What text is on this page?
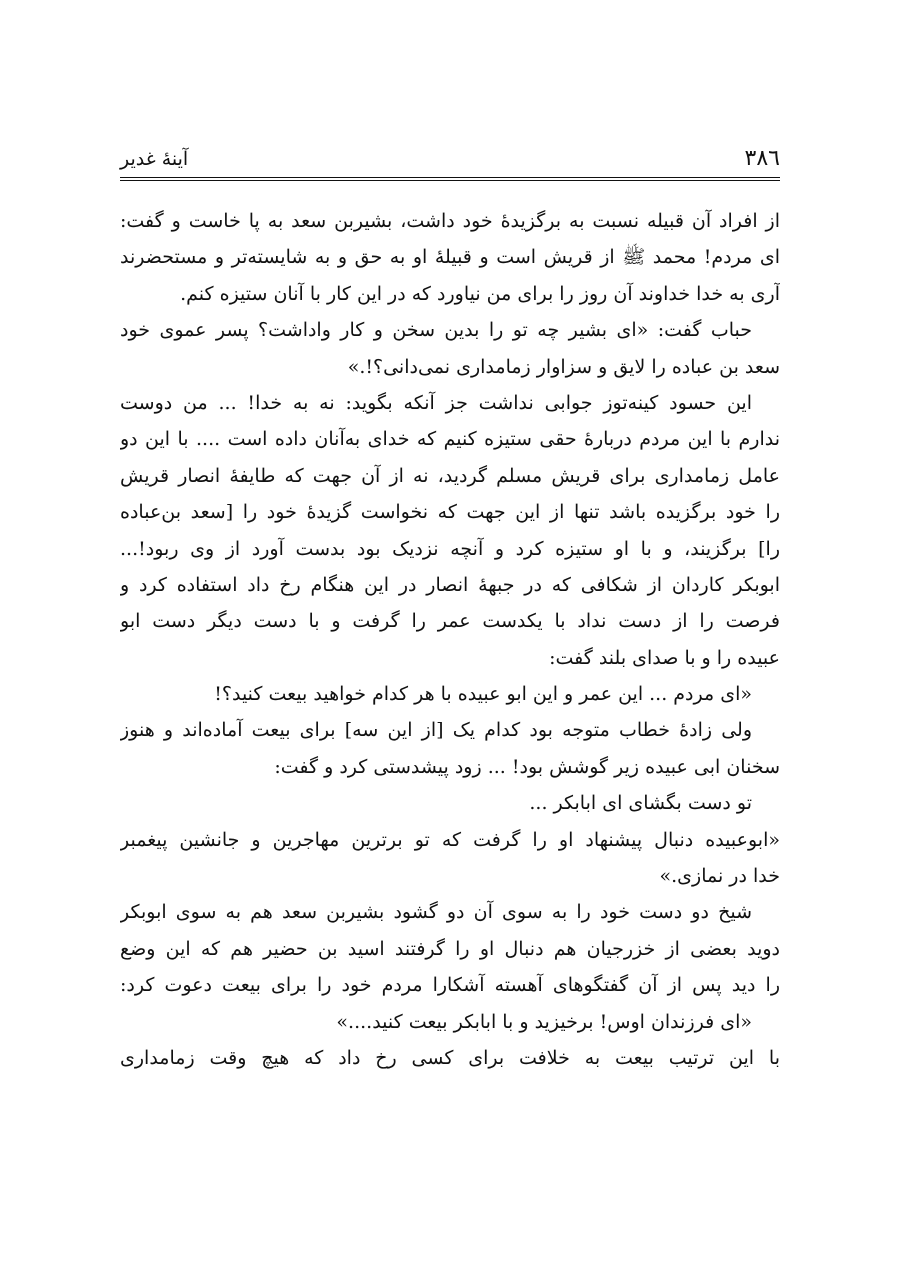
٣٨٦
آینۀ غدیر
از افراد آن قبیله نسبت به برگزیدۀ خود داشت، بشیربن سعد به پا خاست و گفت:
ای مردم! محمد ﷺ از قریش است و قبیلۀ او به حق و به شایسته‌تر و مستحضرند
آری به خدا خداوند آن روز را برای من نیاورد که در این کار با آنان ستیزه کنم.
حباب گفت: «ای بشیر چه تو را بدین سخن و کار واداشت؟ پسر عموی خود
سعد بن عباده را لایق و سزاوار زمامداری نمی‌دانی؟!.»
این حسود کینه‌توز جوابی نداشت جز آنکه بگوید: نه به خدا! ... من دوست
ندارم با این مردم دربارۀ حقی ستیزه کنیم که خدای به‌آنان داده است .... با این دو
عامل زمامداری برای قریش مسلم گردید، نه از آن جهت که طایفۀ انصار قریش
را خود برگزیده باشد تنها از این جهت که نخواست گزیدۀ خود را [سعد بن‌عباده
را] برگزیند، و با او ستیزه کرد و آنچه نزدیک بود بدست آورد از وی ربود!...
ابوبکر کاردان از شکافی که در جبهۀ انصار در این هنگام رخ داد استفاده کرد و
فرصت را از دست نداد با یکدست عمر را گرفت و با دست دیگر دست ابو
عبیده را و با صدای بلند گفت:
«ای مردم ... این عمر و این ابو عبیده با هر کدام خواهید بیعت کنید؟!
ولی زادۀ خطاب متوجه بود کدام یک [از این سه] برای بیعت آماده‌اند و هنوز
سخنان ابی عبیده زیر گوشش بود! ... زود پیشدستی کرد و گفت:
تو دست بگشای ای ابابکر ...
«ابوعبیده دنبال پیشنهاد او را گرفت که تو برترین مهاجرین و جانشین پیغمبر
خدا در نمازی.»
شیخ دو دست خود را به سوی آن دو گشود بشیربن سعد هم به سوی ابوبکر
دوید بعضی از خزرجیان هم دنبال او را گرفتند اسید بن حضیر هم که این وضع
را دید پس از آن گفتگوهای آهسته آشکارا مردم خود را برای بیعت دعوت کرد:
«ای فرزندان اوس! برخیزید و با ابابکر بیعت کنید....»
با این ترتیب بیعت به خلافت برای کسی رخ داد که هیچ وقت زمامداری
